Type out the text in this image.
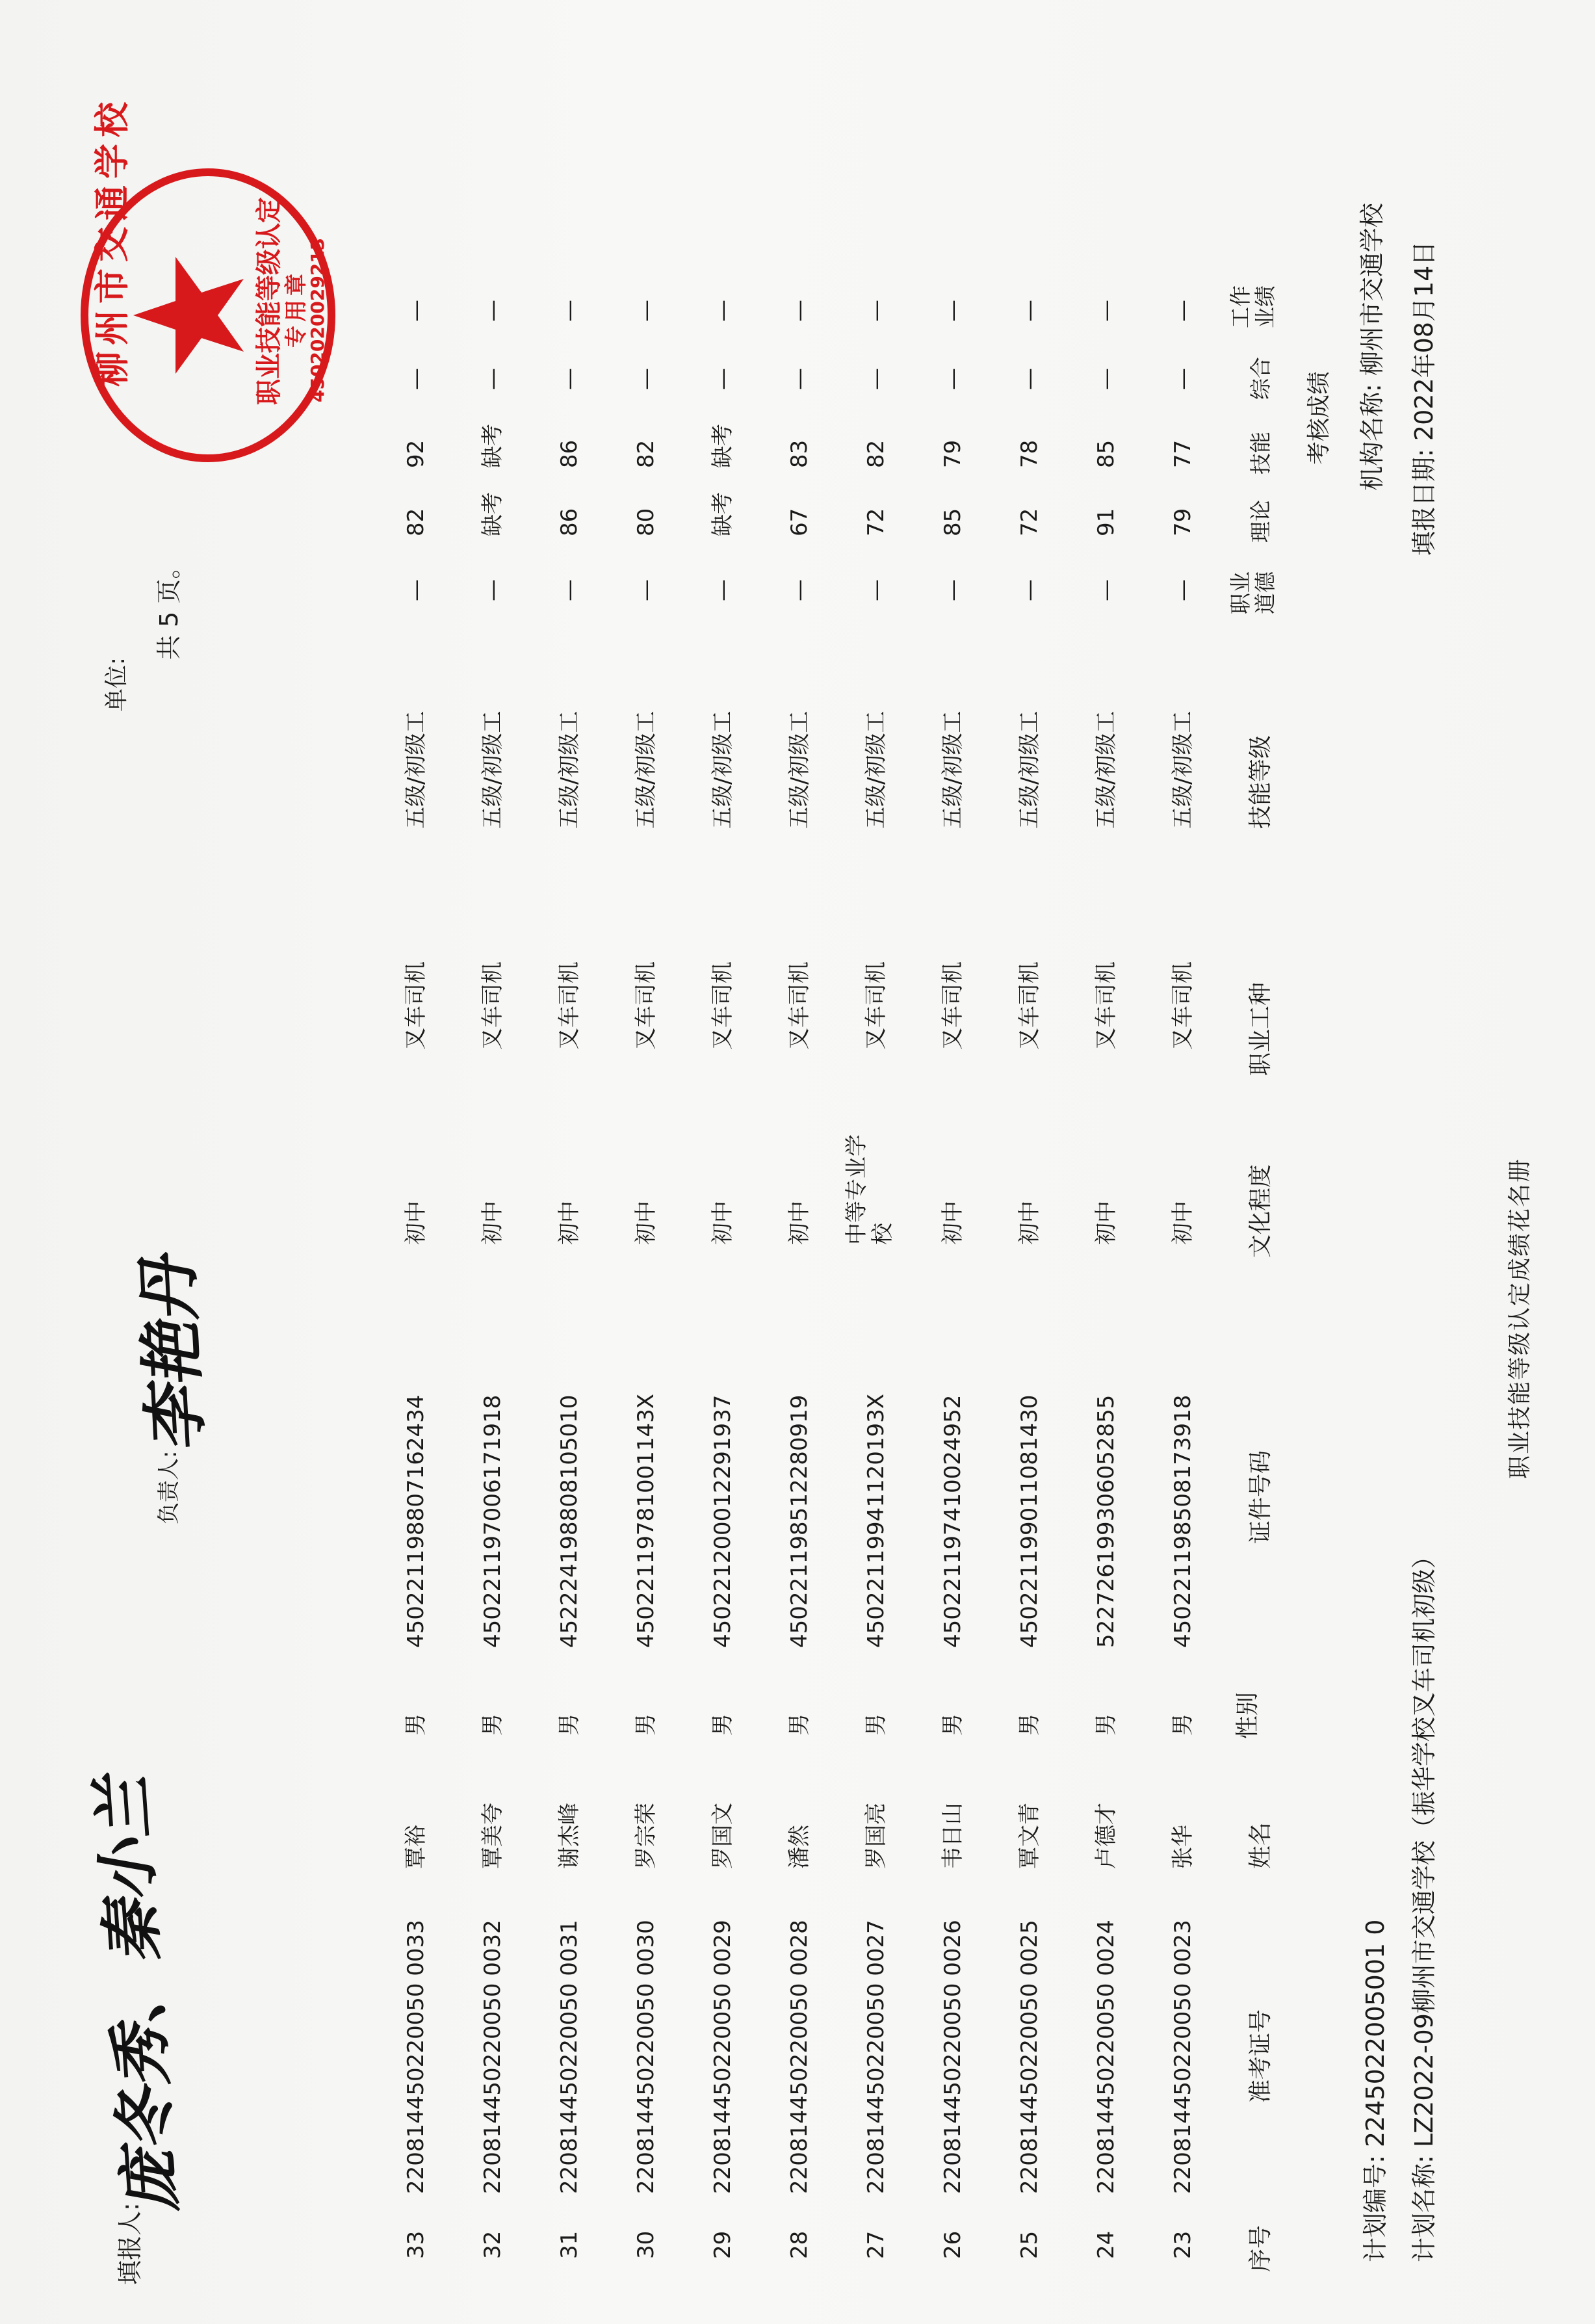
职业技能等级认定成绩花名册
计划名称: LZ2022-09柳州市交通学校（振华学校叉车司机初级）
计划编号: 2245022005001 0
填报日期: 2022年08月14日
机构名称: 柳州市交通学校
序号
准考证号
姓名
性别
证件号码
文化程度
职业工种
技能等级
考核成绩
职业道德
理论
技能
综合
工作业绩
23
220814450220050 0023
张华
男
450221198508173918
初中
叉车司机
五级/初级工
—
79
77
—
—
24
220814450220050 0024
卢德才
男
522726199306052855
初中
叉车司机
五级/初级工
—
91
85
—
—
25
220814450220050 0025
覃文青
男
450221199011081430
初中
叉车司机
五级/初级工
—
72
78
—
—
26
220814450220050 0026
韦日山
男
450221197410024952
初中
叉车司机
五级/初级工
—
85
79
—
—
27
220814450220050 0027
罗国亮
男
45022119941120193X
中等专业学校
叉车司机
五级/初级工
—
72
82
—
—
28
220814450220050 0028
潘然
男
450221198512280919
初中
叉车司机
五级/初级工
—
67
83
—
—
29
220814450220050 0029
罗国文
男
450221200012291937
初中
叉车司机
五级/初级工
—
缺考
缺考
—
—
30
220814450220050 0030
罗宗荣
男
45022119781001143X
初中
叉车司机
五级/初级工
—
80
82
—
—
31
220814450220050 0031
谢杰峰
男
452224198808105010
初中
叉车司机
五级/初级工
—
86
86
—
—
32
220814450220050 0032
覃美夸
男
450221197006171918
初中
叉车司机
五级/初级工
—
缺考
缺考
—
—
33
220814450220050 0033
覃裕
男
450221198807162434
初中
叉车司机
五级/初级工
—
82
92
—
—
单位:
共 5 页。
填报人:
庞冬秀、秦小兰
负责人:
李艳丹
柳州市交通学校	职业技能等级认定 专用章
4502020029213
